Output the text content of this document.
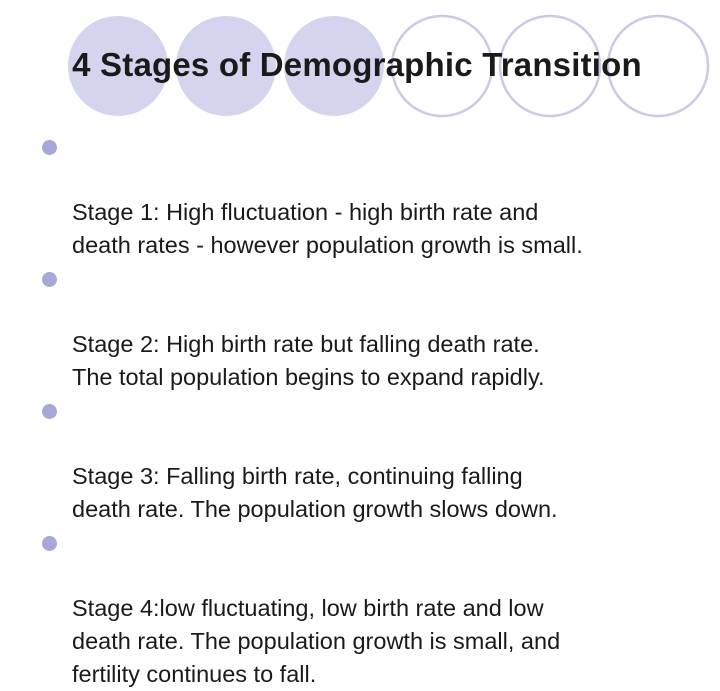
4 Stages of Demographic Transition

Stage 1: High fluctuation - high birth rate and
death rates - however population growth is small.

Stage 2: High birth rate but falling death rate.
The total population begins to expand rapidly.

Stage 3: Falling birth rate, continuing falling
death rate. The population growth slows down.

Stage 4:low fluctuating, low birth rate and low
death rate. The population growth is small, and
fertility continues to fall.
